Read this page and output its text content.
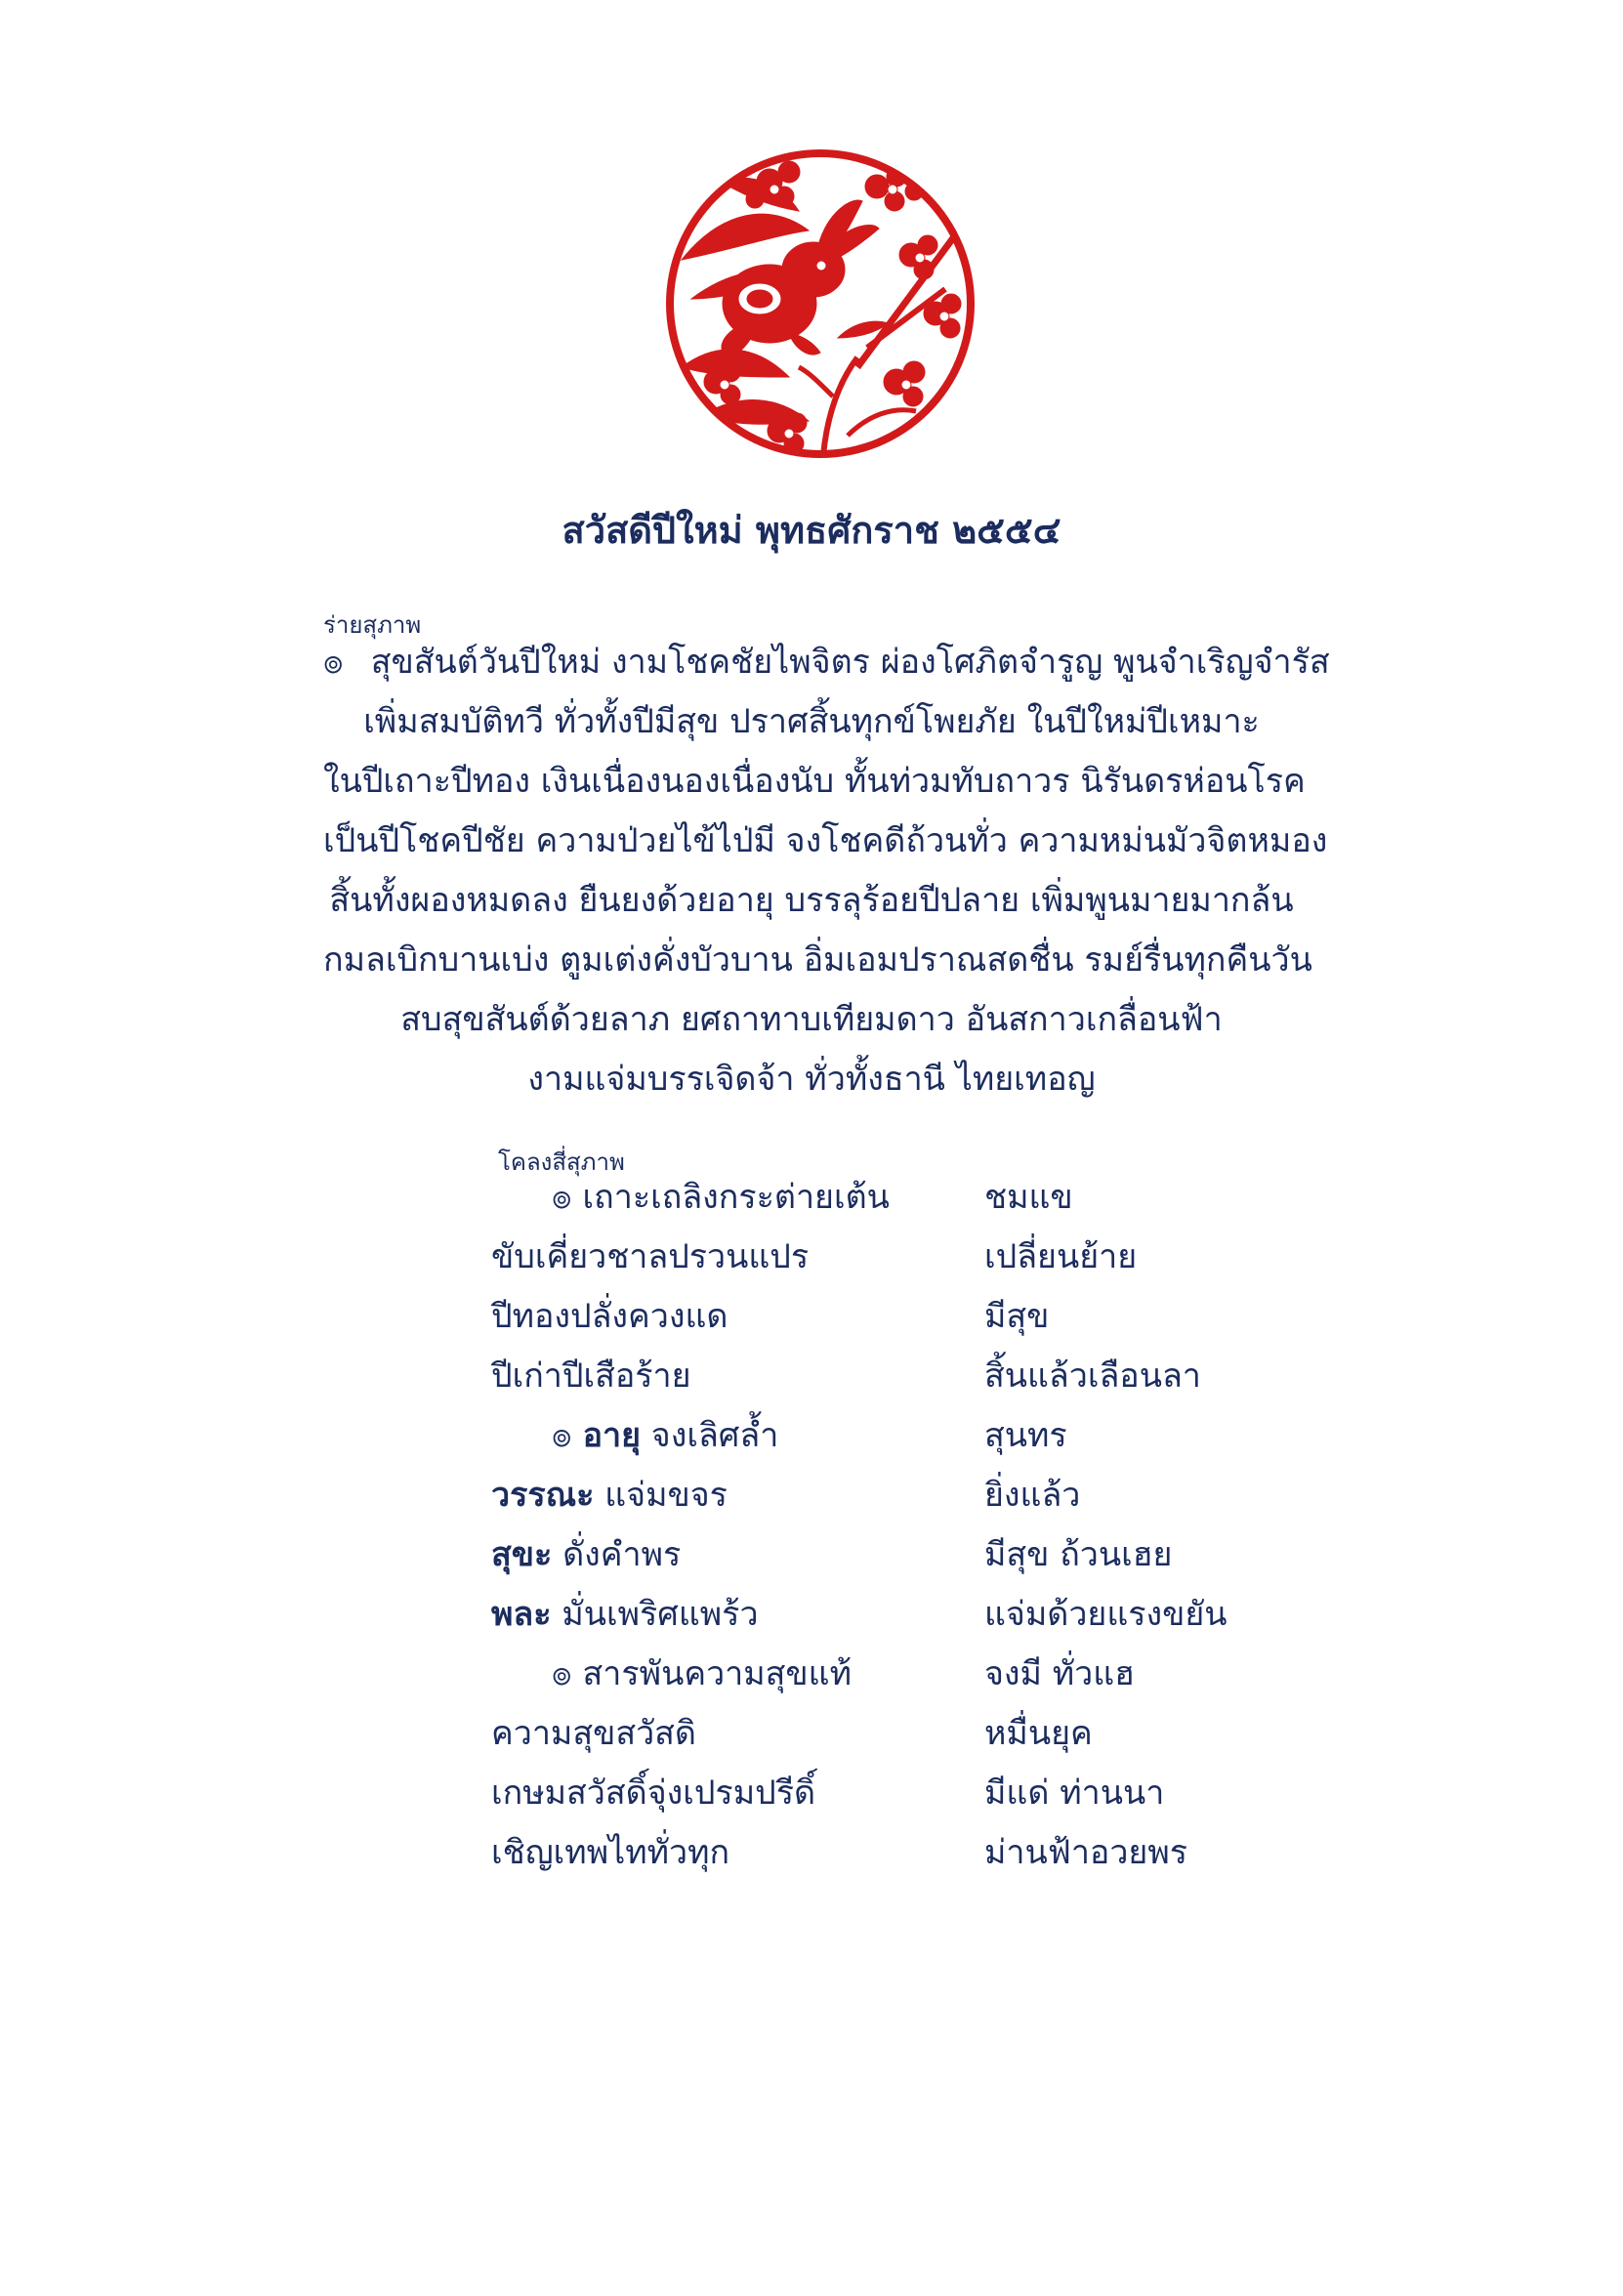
สวัสดีปีใหม่ พุทธศักราช ๒๕๕๔
ร่ายสุภาพ
๏ สุขสันต์วันปีใหม่ งามโชคชัยไพจิตร ผ่องโศภิตจำรูญ พูนจำเริญจำรัส
เพิ่มสมบัติทวี ทั่วทั้งปีมีสุข ปราศสิ้นทุกข์โพยภัย ในปีใหม่ปีเหมาะ
ในปีเถาะปีทอง เงินเนื่องนองเนื่องนับ ทั้นท่วมทับถาวร นิรันดรห่อนโรค
เป็นปีโชคปีชัย ความป่วยไข้ไป่มี จงโชคดีถ้วนทั่ว ความหม่นมัวจิตหมอง
สิ้นทั้งผองหมดลง ยืนยงด้วยอายุ บรรลุร้อยปีปลาย เพิ่มพูนมายมากล้น
กมลเบิกบานเบ่ง ตูมเต่งคั่งบัวบาน อิ่มเอมปราณสดชื่น รมย์รื่นทุกคืนวัน
สบสุขสันต์ด้วยลาภ ยศถาทาบเทียมดาว อันสกาวเกลื่อนฟ้า
งามแจ่มบรรเจิดจ้า ทั่วทั้งธานี ไทยเทอญ
โคลงสี่สุภาพ
๏ เถาะเถลิงกระต่ายเต้น	ชมแข
ขับเคี่ยวชาลปรวนแปร	เปลี่ยนย้าย
ปีทองปลั่งควงแด	มีสุข
ปีเก่าปีเสือร้าย	สิ้นแล้วเลือนลา
๏ อายุ จงเลิศล้ำ	สุนทร
วรรณะ แจ่มขจร	ยิ่งแล้ว
สุขะ ดั่งคำพร	มีสุข ถ้วนเฮย
พละ มั่นเพริศแพร้ว	แจ่มด้วยแรงขยัน
๏ สารพันความสุขแท้	จงมี ทั่วแฮ
ความสุขสวัสดิ	หมื่นยุค
เกษมสวัสดิ์จุ่งเปรมปรีดิ์	มีแด่ ท่านนา
เชิญเทพไททั่วทุก	ม่านฟ้าอวยพร
